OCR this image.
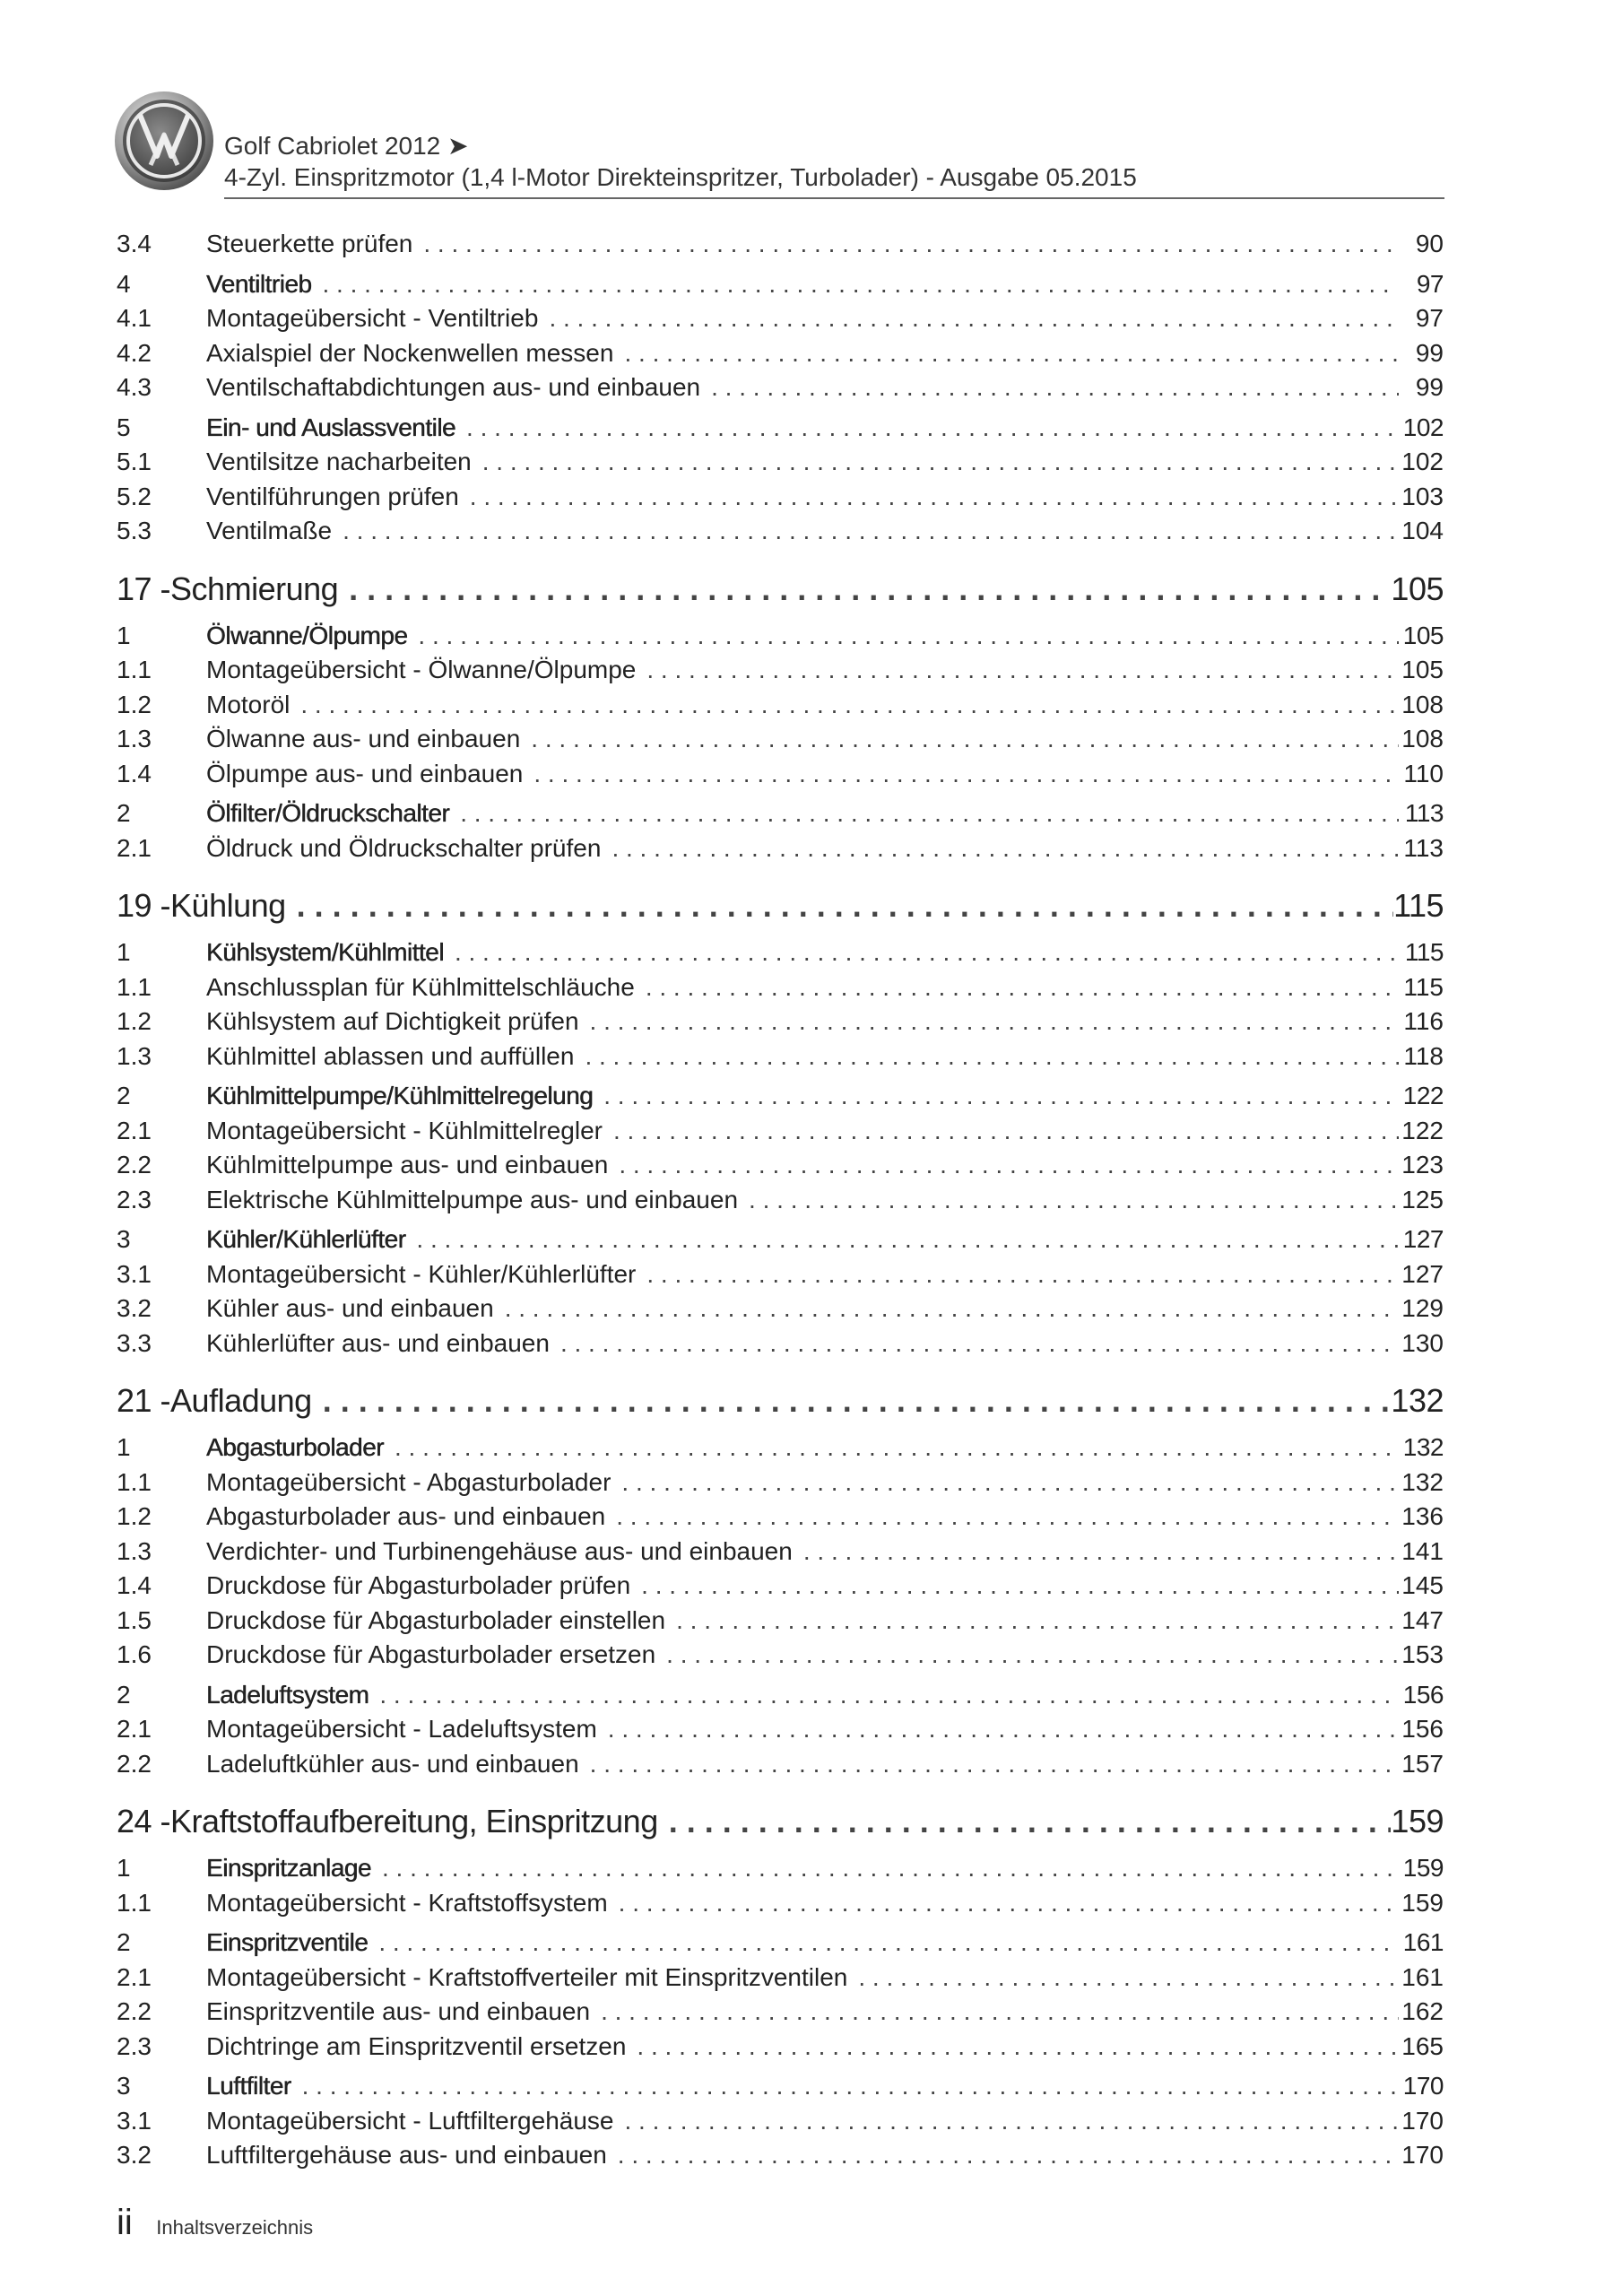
Golf Cabriolet 2012 ➤
4-Zyl. Einspritzmotor (1,4 l-Motor Direkteinspritzer, Turbolader) - Ausgabe 05.2015
3.4	Steuerkette prüfen . . .	90
4	Ventiltrieb . . .	97
4.1	Montageübersicht - Ventiltrieb . . .	97
4.2	Axialspiel der Nockenwellen messen . . .	99
4.3	Ventilschaftabdichtungen aus- und einbauen . . .	99
5	Ein- und Auslassventile . . .	102
5.1	Ventilsitze nacharbeiten . . .	102
5.2	Ventilführungen prüfen . . .	103
5.3	Ventilmaße . . .	104
17 - Schmierung . . .	105
1	Ölwanne/Ölpumpe . . .	105
1.1	Montageübersicht - Ölwanne/Ölpumpe . . .	105
1.2	Motoröl . . .	108
1.3	Ölwanne aus- und einbauen . . .	108
1.4	Ölpumpe aus- und einbauen . . .	110
2	Ölfilter/Öldruckschalter . . .	113
2.1	Öldruck und Öldruckschalter prüfen . . .	113
19 - Kühlung . . .	115
1	Kühlsystem/Kühlmittel . . .	115
1.1	Anschlussplan für Kühlmittelschläuche . . .	115
1.2	Kühlsystem auf Dichtigkeit prüfen . . .	116
1.3	Kühlmittel ablassen und auffüllen . . .	118
2	Kühlmittelpumpe/Kühlmittelregelung . . .	122
2.1	Montageübersicht - Kühlmittelregler . . .	122
2.2	Kühlmittelpumpe aus- und einbauen . . .	123
2.3	Elektrische Kühlmittelpumpe aus- und einbauen . . .	125
3	Kühler/Kühlerlüfter . . .	127
3.1	Montageübersicht - Kühler/Kühlerlüfter . . .	127
3.2	Kühler aus- und einbauen . . .	129
3.3	Kühlerlüfter aus- und einbauen . . .	130
21 - Aufladung . . .	132
1	Abgasturbolader . . .	132
1.1	Montageübersicht - Abgasturbolader . . .	132
1.2	Abgasturbolader aus- und einbauen . . .	136
1.3	Verdichter- und Turbinengehäuse aus- und einbauen . . .	141
1.4	Druckdose für Abgasturbolader prüfen . . .	145
1.5	Druckdose für Abgasturbolader einstellen . . .	147
1.6	Druckdose für Abgasturbolader ersetzen . . .	153
2	Ladeluftsystem . . .	156
2.1	Montageübersicht - Ladeluftsystem . . .	156
2.2	Ladeluftkühler aus- und einbauen . . .	157
24 - Kraftstoffaufbereitung, Einspritzung . . .	159
1	Einspritzanlage . . .	159
1.1	Montageübersicht - Kraftstoffsystem . . .	159
2	Einspritzventile . . .	161
2.1	Montageübersicht - Kraftstoffverteiler mit Einspritzventilen . . .	161
2.2	Einspritzventile aus- und einbauen . . .	162
2.3	Dichtringe am Einspritzventil ersetzen . . .	165
3	Luftfilter . . .	170
3.1	Montageübersicht - Luftfiltergehäuse . . .	170
3.2	Luftfiltergehäuse aus- und einbauen . . .	170
ii Inhaltsverzeichnis
